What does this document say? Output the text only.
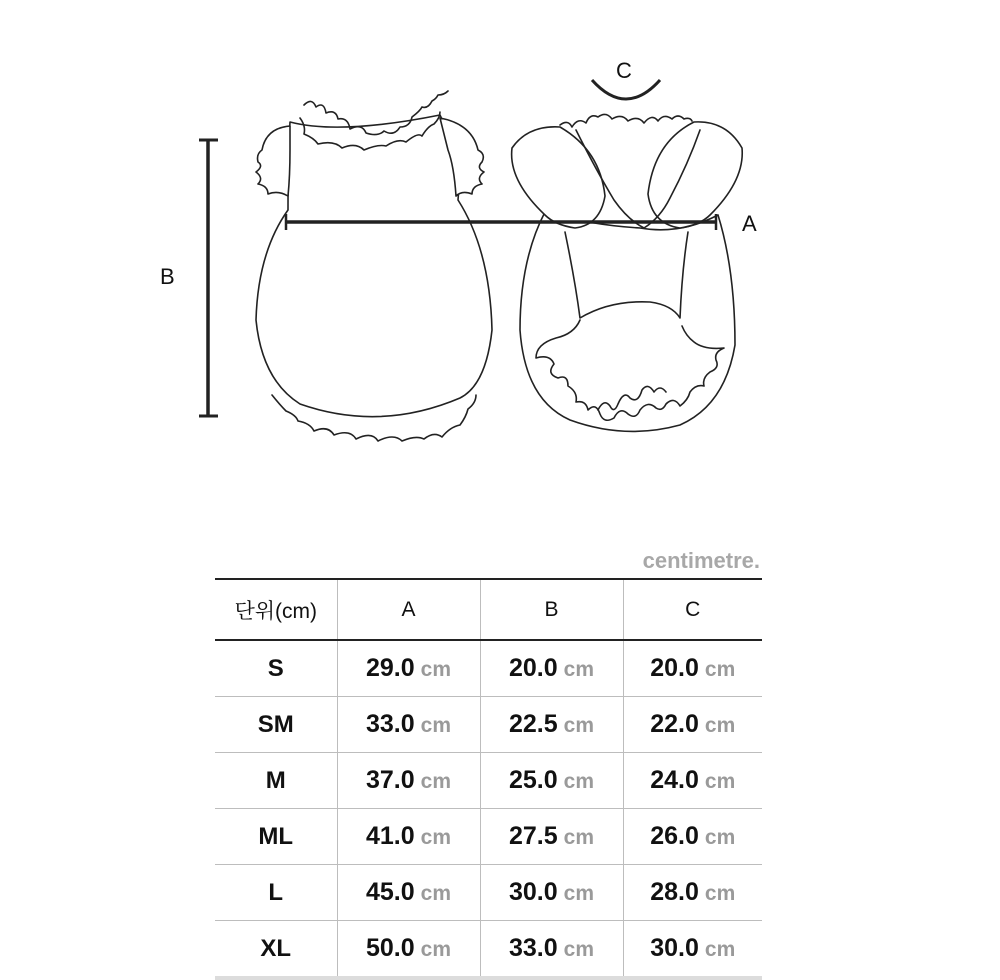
A
B
C
centimetre.
단위(cm)	A	B	C
S	29.0 cm	20.0 cm	20.0 cm
SM	33.0 cm	22.5 cm	22.0 cm
M	37.0 cm	25.0 cm	24.0 cm
ML	41.0 cm	27.5 cm	26.0 cm
L	45.0 cm	30.0 cm	28.0 cm
XL	50.0 cm	33.0 cm	30.0 cm
